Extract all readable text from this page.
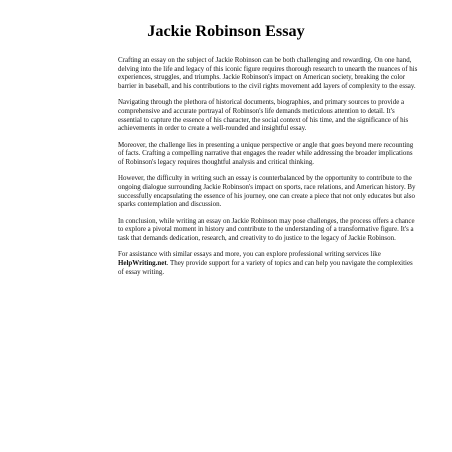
Jackie Robinson Essay

Crafting an essay on the subject of Jackie Robinson can be both challenging and rewarding. On one hand, delving into the life and legacy of this iconic figure requires thorough research to unearth the nuances of his experiences, struggles, and triumphs. Jackie Robinson's impact on American society, breaking the color barrier in baseball, and his contributions to the civil rights movement add layers of complexity to the essay.

Navigating through the plethora of historical documents, biographies, and primary sources to provide a comprehensive and accurate portrayal of Robinson's life demands meticulous attention to detail. It's essential to capture the essence of his character, the social context of his time, and the significance of his achievements in order to create a well-rounded and insightful essay.

Moreover, the challenge lies in presenting a unique perspective or angle that goes beyond mere recounting of facts. Crafting a compelling narrative that engages the reader while addressing the broader implications of Robinson's legacy requires thoughtful analysis and critical thinking.

However, the difficulty in writing such an essay is counterbalanced by the opportunity to contribute to the ongoing dialogue surrounding Jackie Robinson's impact on sports, race relations, and American history. By successfully encapsulating the essence of his journey, one can create a piece that not only educates but also sparks contemplation and discussion.

In conclusion, while writing an essay on Jackie Robinson may pose challenges, the process offers a chance to explore a pivotal moment in history and contribute to the understanding of a transformative figure. It's a task that demands dedication, research, and creativity to do justice to the legacy of Jackie Robinson.

For assistance with similar essays and more, you can explore professional writing services like HelpWriting.net. They provide support for a variety of topics and can help you navigate the complexities of essay writing.
